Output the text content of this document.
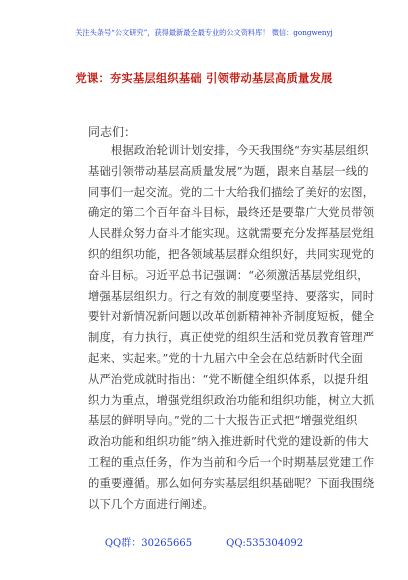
关注头条号“公文研究”，获得最新最全最专业的公文资料库！ 微信：gongwenyj
党课：夯实基层组织基础 引领带动基层高质量发展
同志们：
　　根据政治轮训计划安排，今天我围绕“夯实基层组织
基础引领带动基层高质量发展”为题，跟来自基层一线的
同事们一起交流。党的二十大给我们描绘了美好的宏图，
确定的第二个百年奋斗目标，最终还是要靠广大党员带领
人民群众努力奋斗才能实现。这就需要充分发挥基层党组
织的组织功能，把各领域基层群众组织好，共同实现党的
奋斗目标。习近平总书记强调：“必须激活基层党组织，
增强基层组织力。行之有效的制度要坚持、要落实，同时
要针对新情况新问题以改革创新精神补齐制度短板，健全
制度，有力执行，真正使党的组织生活和党员教育管理严
起来、实起来。”党的十九届六中全会在总结新时代全面
从严治党成就时指出：“党不断健全组织体系，以提升组
织力为重点，增强党组织政治功能和组织功能，树立大抓
基层的鲜明导向。”党的二十大报告正式把“增强党组织
政治功能和组织功能”纳入推进新时代党的建设新的伟大
工程的重点任务，作为当前和今后一个时期基层党建工作
的重要遵循。那么如何夯实基层组织基础呢？下面我围绕
以下几个方面进行阐述。
QQ群：30265665	QQ:535304092
